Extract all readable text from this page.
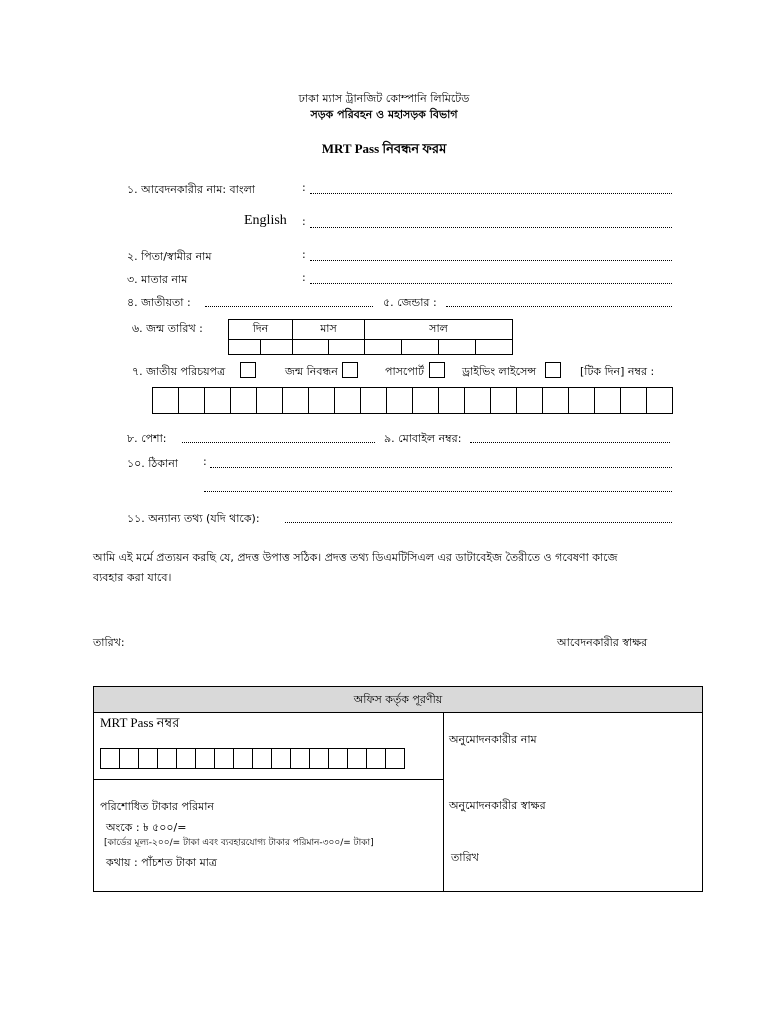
ঢাকা ম্যাস ট্রানজিট কোম্পানি লিমিটেড
সড়ক পরিবহন ও মহাসড়ক বিভাগ
MRT Pass নিবন্ধন ফরম
১. আবেদনকারীর নাম: বাংলা	:
English :
২. পিতা/স্বামীর নাম	:
৩. মাতার নাম	:
৪. জাতীয়তা :	৫. জেন্ডার :
৬. জন্ম তারিখ :	দিন		মাস		সাল			

৭. জাতীয় পরিচয়পত্র	জন্ম নিবন্ধন	পাসপোর্ট	ড্রাইভিং লাইসেন্স	[টিক দিন] নম্বর :
৮. পেশা:	৯. মোবাইল নম্বর:
১০. ঠিকানা :
১১. অন্যান্য তথ্য (যদি থাকে):
আমি এই মর্মে প্রত্যয়ন করছি যে, প্রদত্ত উপাত্ত সঠিক। প্রদত্ত তথ্য ডিএমটিসিএল এর ডাটাবেইজ তৈরীতে ও গবেষণা কাজে
ব্যবহার করা যাবে।
তারিখ:	আবেদনকারীর স্বাক্ষর
অফিস কর্তৃক পূরণীয়
MRT Pass নম্বর
অনুমোদনকারীর নাম
অনুমোদনকারীর স্বাক্ষর
তারিখ
পরিশোধিত টাকার পরিমান
অংকে : ৳ ৫০০/=
[কার্ডের মূল্য-২০০/= টাকা এবং ব্যবহারযোগ্য টাকার পরিমান-৩০০/= টাকা]
কথায় : পাঁচশত টাকা মাত্র
